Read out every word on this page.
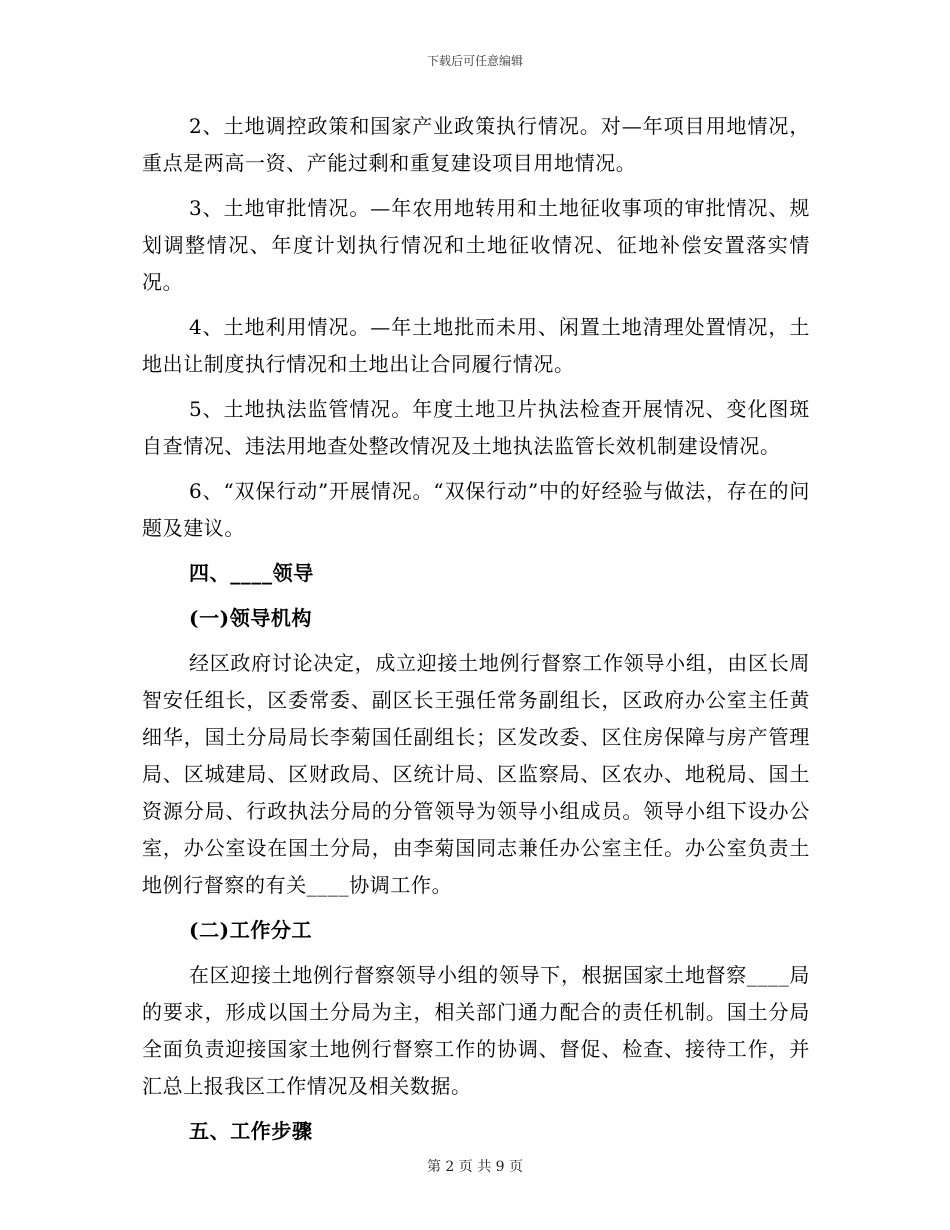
下载后可任意编辑

2、土地调控政策和国家产业政策执行情况。对—年项目用地情况，重点是两高一资、产能过剩和重复建设项目用地情况。

3、土地审批情况。—年农用地转用和土地征收事项的审批情况、规划调整情况、年度计划执行情况和土地征收情况、征地补偿安置落实情况。

4、土地利用情况。—年土地批而未用、闲置土地清理处置情况，土地出让制度执行情况和土地出让合同履行情况。

5、土地执法监管情况。年度土地卫片执法检查开展情况、变化图斑自查情况、违法用地查处整改情况及土地执法监管长效机制建设情况。

6、“双保行动”开展情况。“双保行动”中的好经验与做法，存在的问题及建议。

四、____领导

(一)领导机构

经区政府讨论决定，成立迎接土地例行督察工作领导小组，由区长周智安任组长，区委常委、副区长王强任常务副组长，区政府办公室主任黄细华，国土分局局长李菊国任副组长；区发改委、区住房保障与房产管理局、区城建局、区财政局、区统计局、区监察局、区农办、地税局、国土资源分局、行政执法分局的分管领导为领导小组成员。领导小组下设办公室，办公室设在国土分局，由李菊国同志兼任办公室主任。办公室负责土地例行督察的有关____协调工作。

(二)工作分工

在区迎接土地例行督察领导小组的领导下，根据国家土地督察____局的要求，形成以国土分局为主，相关部门通力配合的责任机制。国土分局全面负责迎接国家土地例行督察工作的协调、督促、检查、接待工作，并汇总上报我区工作情况及相关数据。

五、工作步骤

第 2 页 共 9 页
